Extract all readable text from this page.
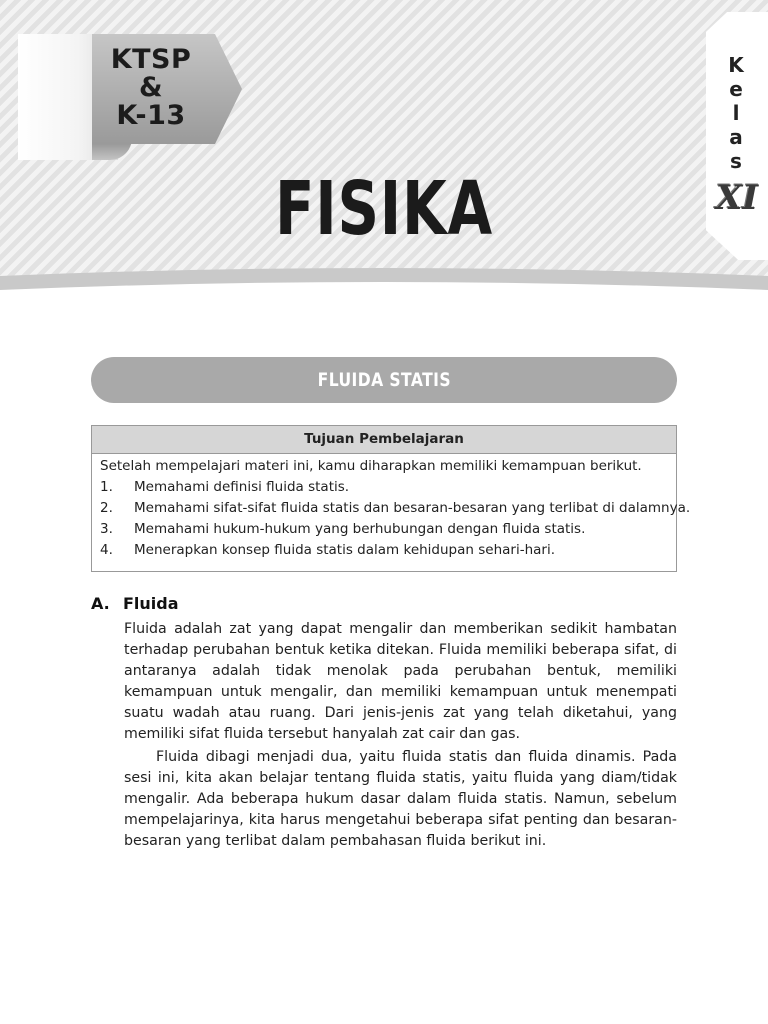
KTSP
&
K-13
FISIKA
K
e
l
a
s
XI
FLUIDA STATIS
Tujuan Pembelajaran
Setelah mempelajari materi ini, kamu diharapkan memiliki kemampuan berikut.
1. Memahami definisi fluida statis.
2. Memahami sifat-sifat fluida statis dan besaran-besaran yang terlibat di dalamnya.
3. Memahami hukum-hukum yang berhubungan dengan fluida statis.
4. Menerapkan konsep fluida statis dalam kehidupan sehari-hari.
A. Fluida

Fluida adalah zat yang dapat mengalir dan memberikan sedikit hambatan terhadap perubahan bentuk ketika ditekan. Fluida memiliki beberapa sifat, di antaranya adalah tidak menolak pada perubahan bentuk, memiliki kemampuan untuk mengalir, dan memiliki kemampuan untuk menempati suatu wadah atau ruang. Dari jenis-jenis zat yang telah diketahui, yang memiliki sifat fluida tersebut hanyalah zat cair dan gas.

Fluida dibagi menjadi dua, yaitu fluida statis dan fluida dinamis. Pada sesi ini, kita akan belajar tentang fluida statis, yaitu fluida yang diam/tidak mengalir. Ada beberapa hukum dasar dalam fluida statis. Namun, sebelum mempelajarinya, kita harus mengetahui beberapa sifat penting dan besaran-besaran yang terlibat dalam pembahasan fluida berikut ini.
